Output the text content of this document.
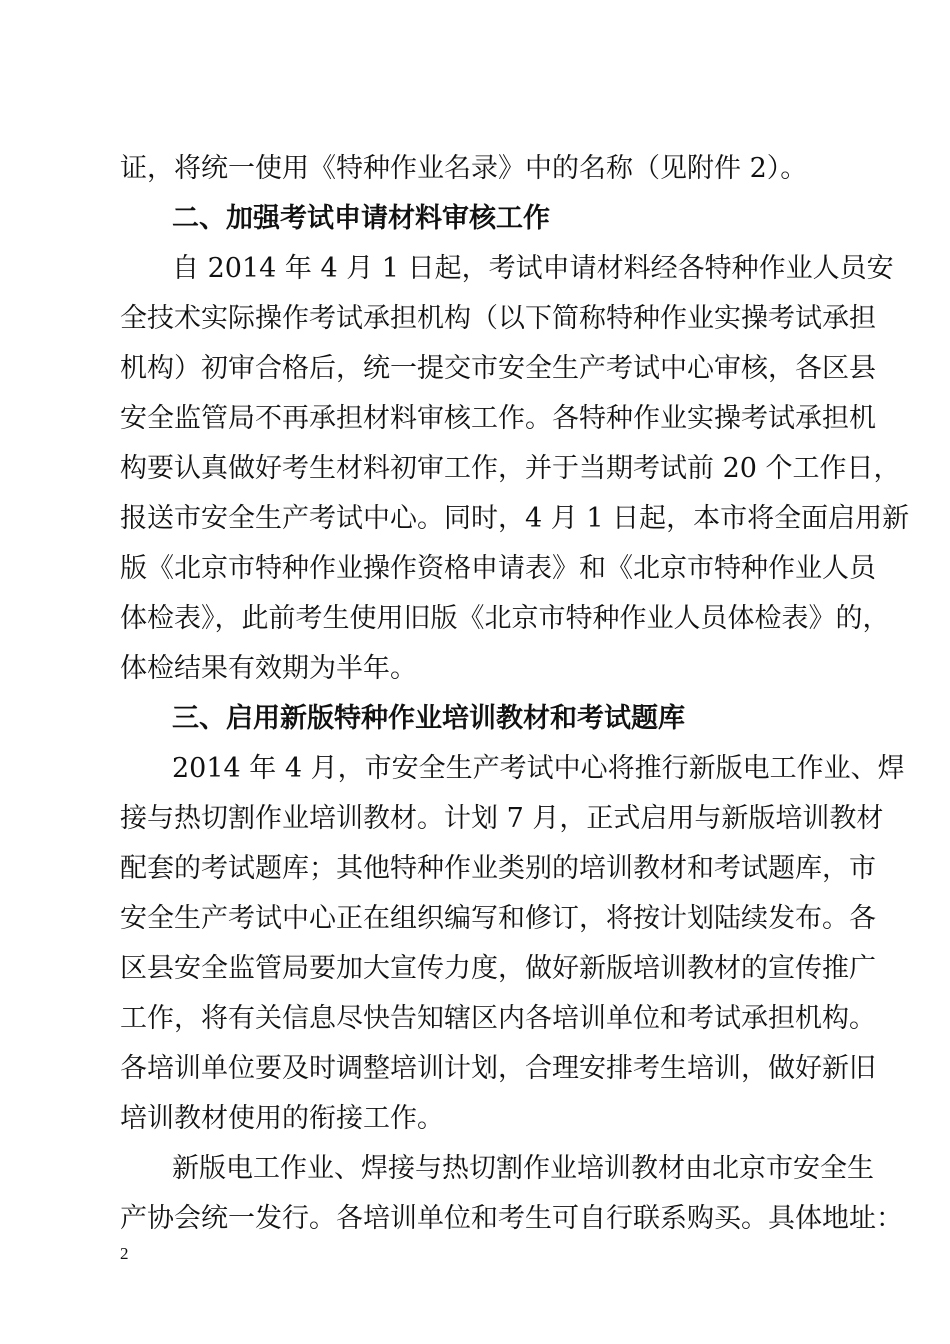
证，将统一使用《特种作业名录》中的名称（见附件 2）。
二、加强考试申请材料审核工作
自 2014 年 4 月 1 日起，考试申请材料经各特种作业人员安
全技术实际操作考试承担机构（以下简称特种作业实操考试承担
机构）初审合格后，统一提交市安全生产考试中心审核，各区县
安全监管局不再承担材料审核工作。各特种作业实操考试承担机
构要认真做好考生材料初审工作，并于当期考试前 20 个工作日，
报送市安全生产考试中心。同时，4 月 1 日起，本市将全面启用新
版《北京市特种作业操作资格申请表》和《北京市特种作业人员
体检表》，此前考生使用旧版《北京市特种作业人员体检表》的，
体检结果有效期为半年。
三、启用新版特种作业培训教材和考试题库
2014 年 4 月，市安全生产考试中心将推行新版电工作业、焊
接与热切割作业培训教材。计划 7 月，正式启用与新版培训教材
配套的考试题库；其他特种作业类别的培训教材和考试题库，市
安全生产考试中心正在组织编写和修订，将按计划陆续发布。各
区县安全监管局要加大宣传力度，做好新版培训教材的宣传推广
工作，将有关信息尽快告知辖区内各培训单位和考试承担机构。
各培训单位要及时调整培训计划，合理安排考生培训，做好新旧
培训教材使用的衔接工作。
新版电工作业、焊接与热切割作业培训教材由北京市安全生
产协会统一发行。各培训单位和考生可自行联系购买。具体地址：
2
